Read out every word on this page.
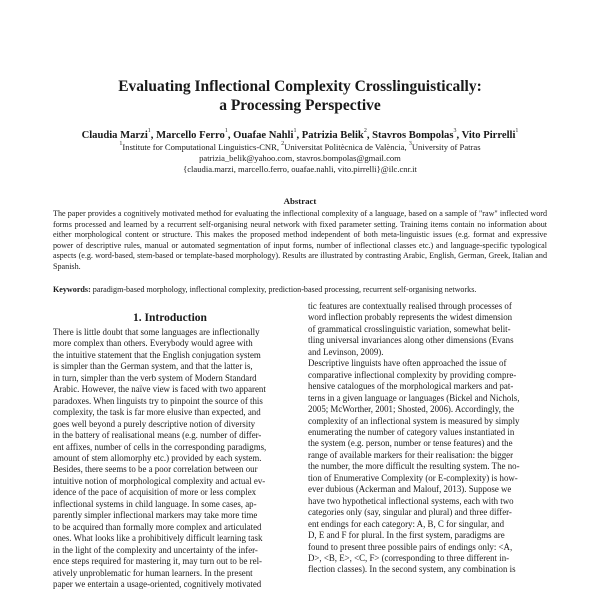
Evaluating Inflectional Complexity Crosslinguistically:
a Processing Perspective
Claudia Marzi$^1$, Marcello Ferro$^1$, Ouafae Nahli$^1$, Patrizia Belik$^2$, Stavros Bompolas$^3$, Vito Pirrelli$^1$
$^1$Institute for Computational Linguistics-CNR, $^2$Universitat Politècnica de València, $^3$University of Patras
patrizia_belik@yahoo.com, stavros.bompolas@gmail.com
{claudia.marzi, marcello.ferro, ouafae.nahli, vito.pirrelli}@ilc.cnr.it
Abstract
The paper provides a cognitively motivated method for evaluating the inflectional complexity of a language, based on a sample of "raw" inflected word forms processed and learned by a recurrent self-organising neural network with fixed parameter setting. Training items contain no information about either morphological content or structure. This makes the proposed method independent of both meta-linguistic issues (e.g. format and expressive power of descriptive rules, manual or automated segmentation of input forms, number of inflectional classes etc.) and language-specific typological aspects (e.g. word-based, stem-based or template-based morphology). Results are illustrated by contrasting Arabic, English, German, Greek, Italian and Spanish.
Keywords: paradigm-based morphology, inflectional complexity, prediction-based processing, recurrent self-organising networks.
1. Introduction
There is little doubt that some languages are inflectionally
more complex than others. Everybody would agree with
the intuitive statement that the English conjugation system
is simpler than the German system, and that the latter is,
in turn, simpler than the verb system of Modern Standard
Arabic. However, the naïve view is faced with two apparent
paradoxes. When linguists try to pinpoint the source of this
complexity, the task is far more elusive than expected, and
goes well beyond a purely descriptive notion of diversity
in the battery of realisational means (e.g. number of differ-
ent affixes, number of cells in the corresponding paradigms,
amount of stem allomorphy etc.) provided by each system.
Besides, there seems to be a poor correlation between our
intuitive notion of morphological complexity and actual ev-
idence of the pace of acquisition of more or less complex
inflectional systems in child language. In some cases, ap-
parently simpler inflectional markers may take more time
to be acquired than formally more complex and articulated
ones. What looks like a prohibitively difficult learning task
in the light of the complexity and uncertainty of the infer-
ence steps required for mastering it, may turn out to be rel-
atively unproblematic for human learners. In the present
paper we entertain a usage-oriented, cognitively motivated
tic features are contextually realised through processes of
word inflection probably represents the widest dimension
of grammatical crosslinguistic variation, somewhat belit-
tling universal invariances along other dimensions (Evans
and Levinson, 2009).
Descriptive linguists have often approached the issue of
comparative inflectional complexity by providing compre-
hensive catalogues of the morphological markers and pat-
terns in a given language or languages (Bickel and Nichols,
2005; McWorther, 2001; Shosted, 2006). Accordingly, the
complexity of an inflectional system is measured by simply
enumerating the number of category values instantiated in
the system (e.g. person, number or tense features) and the
range of available markers for their realisation: the bigger
the number, the more difficult the resulting system. The no-
tion of Enumerative Complexity (or E-complexity) is how-
ever dubious (Ackerman and Malouf, 2013). Suppose we
have two hypothetical inflectional systems, each with two
categories only (say, singular and plural) and three differ-
ent endings for each category: A, B, C for singular, and
D, E and F for plural. In the first system, paradigms are
found to present three possible pairs of endings only: <A,
D>, <B, E>, <C, F> (corresponding to three different in-
flection classes). In the second system, any combination is
